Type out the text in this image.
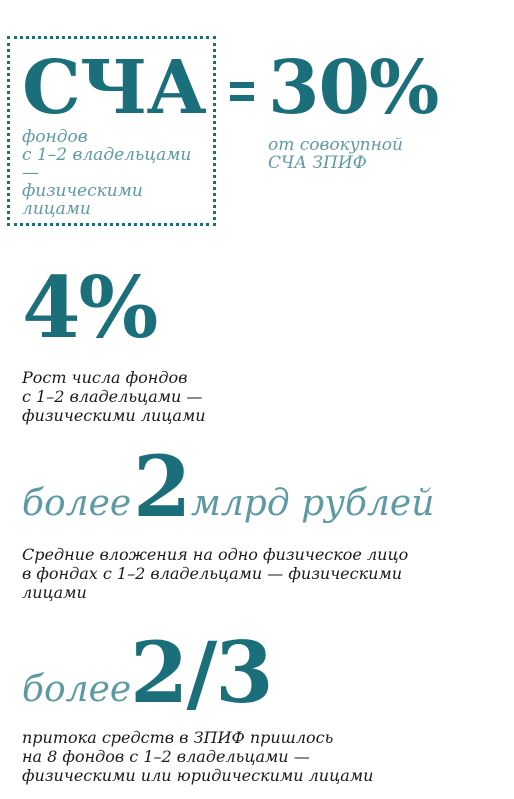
СЧА
фондов
с 1–2 владельцами —
физическими
лицами
30%
от совокупной
СЧА ЗПИФ
4%
Рост числа фондов
с 1–2 владельцами —
физическими лицами
более 2 млрд рублей
Средние вложения на одно физическое лицо
в фондах с 1–2 владельцами — физическими
лицами
более
2/3
притока средств в ЗПИФ пришлось
на 8 фондов с 1–2 владельцами —
физическими или юридическими лицами
